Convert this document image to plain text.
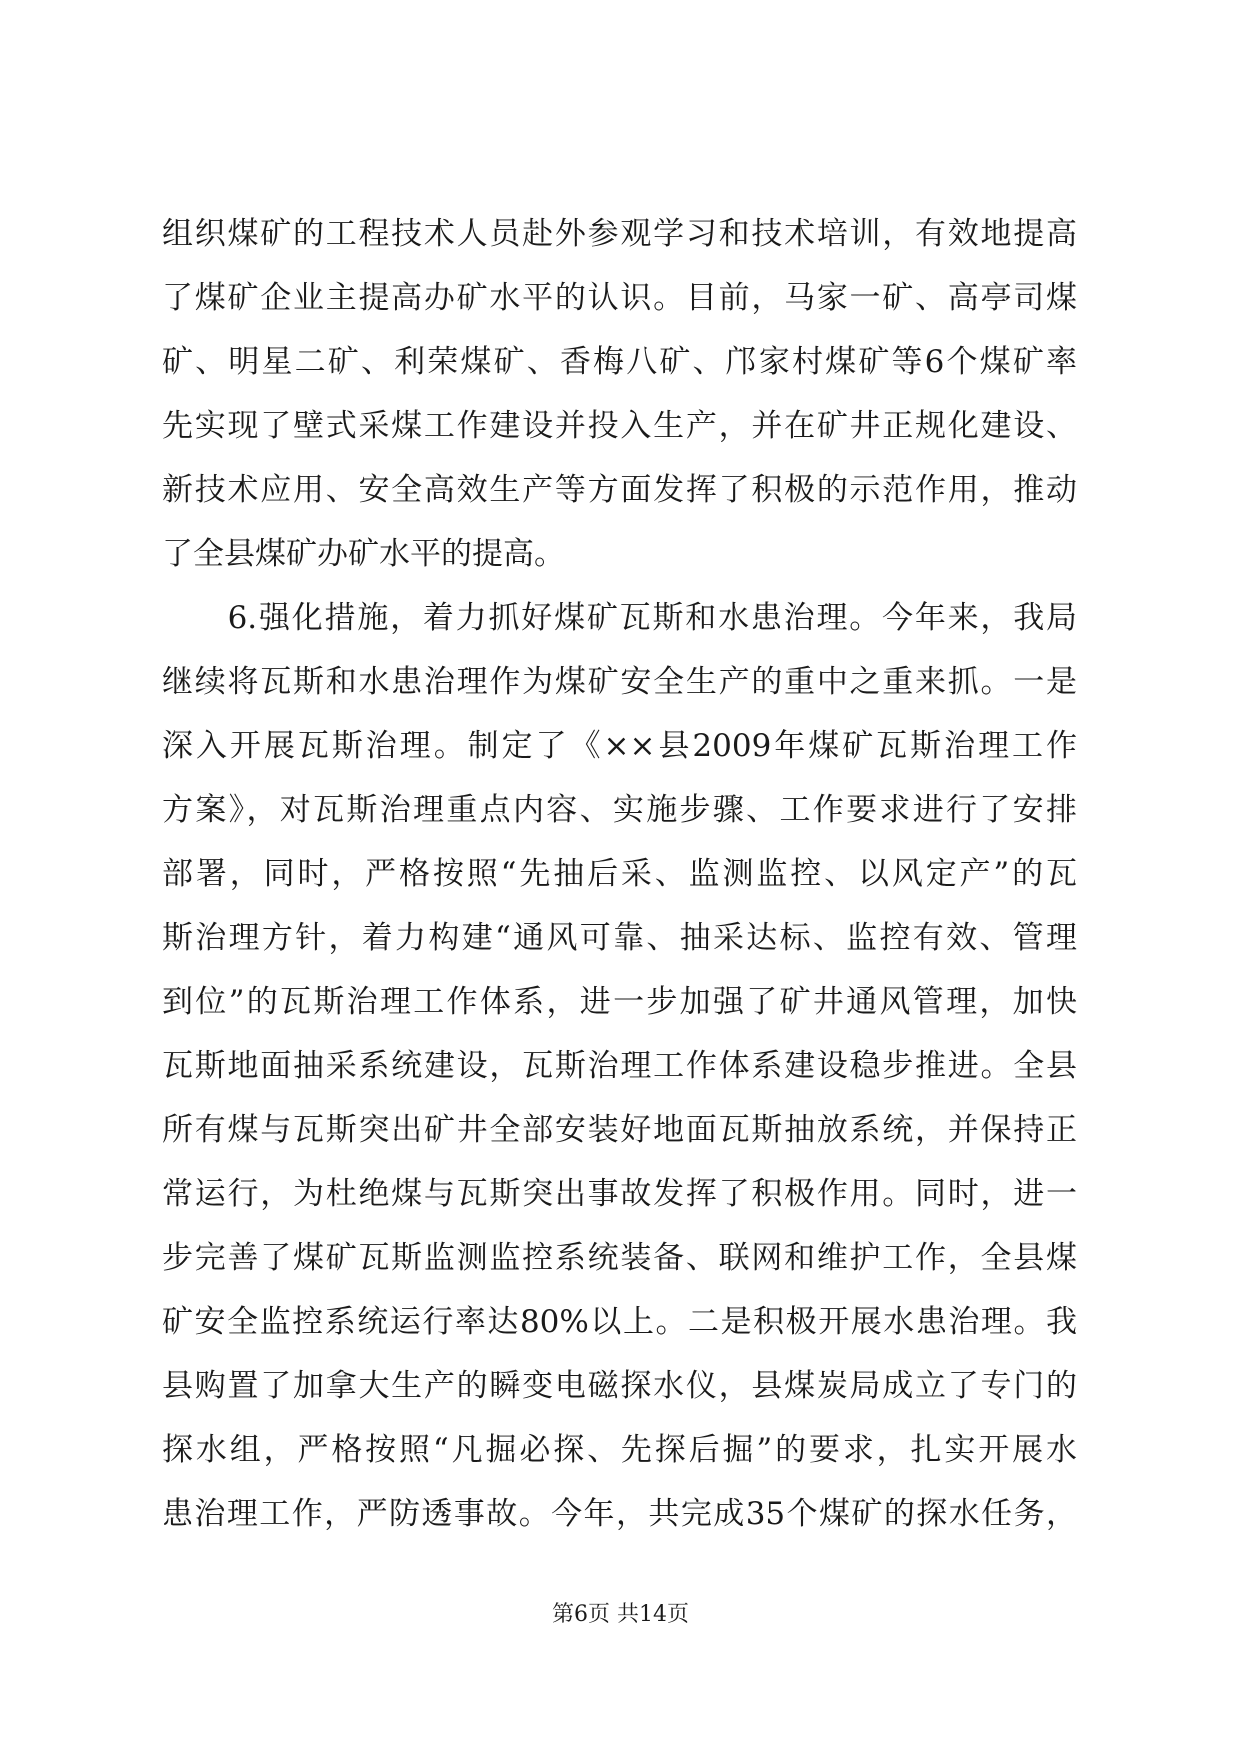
组织煤矿的工程技术人员赴外参观学习和技术培训，有效地提高
了煤矿企业主提高办矿水平的认识。目前，马家一矿、高亭司煤
矿、明星二矿、利荣煤矿、香梅八矿、邝家村煤矿等6个煤矿率
先实现了壁式采煤工作建设并投入生产，并在矿井正规化建设、
新技术应用、安全高效生产等方面发挥了积极的示范作用，推动
了全县煤矿办矿水平的提高。
　　6.强化措施，着力抓好煤矿瓦斯和水患治理。今年来，我局
继续将瓦斯和水患治理作为煤矿安全生产的重中之重来抓。一是
深入开展瓦斯治理。制定了《××县2009年煤矿瓦斯治理工作
方案》，对瓦斯治理重点内容、实施步骤、工作要求进行了安排
部署，同时，严格按照“先抽后采、监测监控、以风定产”的瓦
斯治理方针，着力构建“通风可靠、抽采达标、监控有效、管理
到位”的瓦斯治理工作体系，进一步加强了矿井通风管理，加快
瓦斯地面抽采系统建设，瓦斯治理工作体系建设稳步推进。全县
所有煤与瓦斯突出矿井全部安装好地面瓦斯抽放系统，并保持正
常运行，为杜绝煤与瓦斯突出事故发挥了积极作用。同时，进一
步完善了煤矿瓦斯监测监控系统装备、联网和维护工作，全县煤
矿安全监控系统运行率达80%以上。二是积极开展水患治理。我
县购置了加拿大生产的瞬变电磁探水仪，县煤炭局成立了专门的
探水组，严格按照“凡掘必探、先探后掘”的要求，扎实开展水
患治理工作，严防透事故。今年，共完成35个煤矿的探水任务，
第6页 共14页
